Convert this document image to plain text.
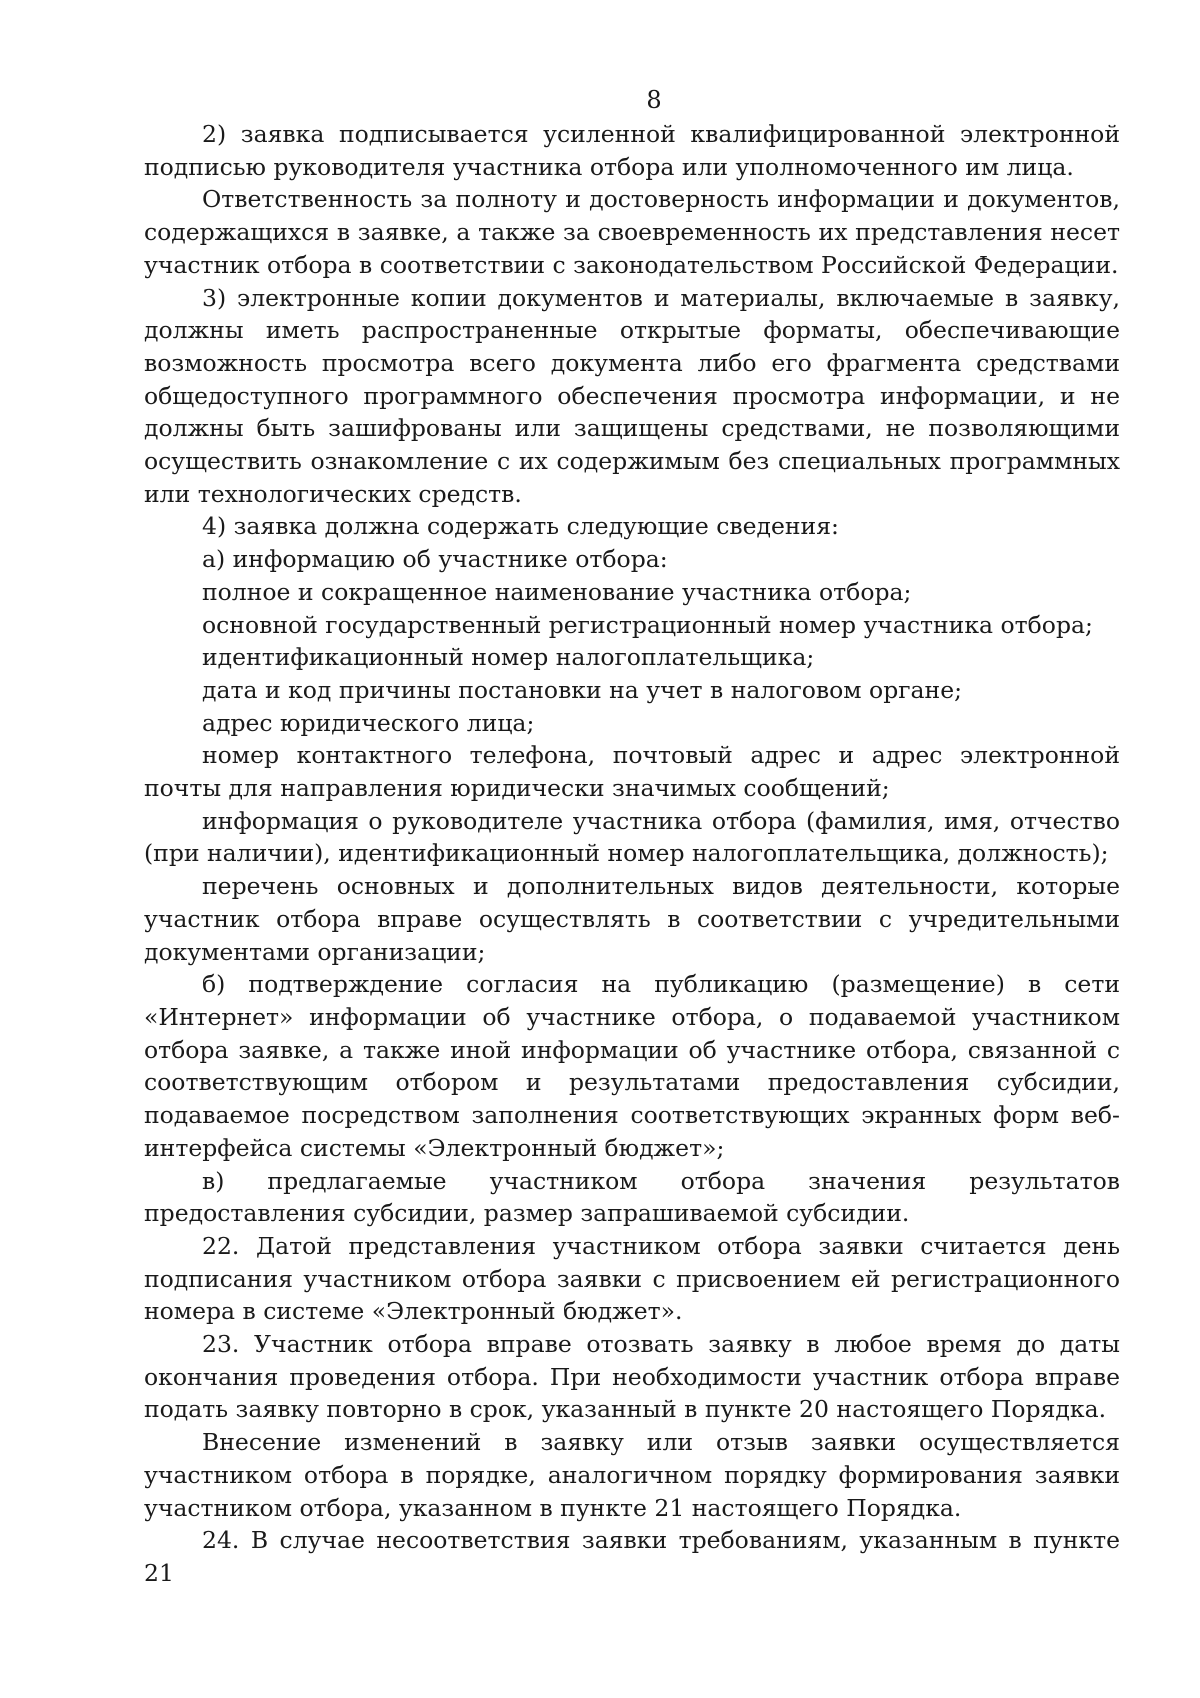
8

2) заявка подписывается усиленной квалифицированной электронной подписью руководителя участника отбора или уполномоченного им лица.

Ответственность за полноту и достоверность информации и документов, содержащихся в заявке, а также за своевременность их представления несет участник отбора в соответствии с законодательством Российской Федерации.

3) электронные копии документов и материалы, включаемые в заявку, должны иметь распространенные открытые форматы, обеспечивающие возможность просмотра всего документа либо его фрагмента средствами общедоступного программного обеспечения просмотра информации, и не должны быть зашифрованы или защищены средствами, не позволяющими осуществить ознакомление с их содержимым без специальных программных или технологических средств.

4) заявка должна содержать следующие сведения:

а) информацию об участнике отбора:

полное и сокращенное наименование участника отбора;

основной государственный регистрационный номер участника отбора;

идентификационный номер налогоплательщика;

дата и код причины постановки на учет в налоговом органе;

адрес юридического лица;

номер контактного телефона, почтовый адрес и адрес электронной почты для направления юридически значимых сообщений;

информация о руководителе участника отбора (фамилия, имя, отчество (при наличии), идентификационный номер налогоплательщика, должность);

перечень основных и дополнительных видов деятельности, которые участник отбора вправе осуществлять в соответствии с учредительными документами организации;

б) подтверждение согласия на публикацию (размещение) в сети «Интернет» информации об участнике отбора, о подаваемой участником отбора заявке, а также иной информации об участнике отбора, связанной с соответствующим отбором и результатами предоставления субсидии, подаваемое посредством заполнения соответствующих экранных форм веб-интерфейса системы «Электронный бюджет»;

в) предлагаемые участником отбора значения результатов предоставления субсидии, размер запрашиваемой субсидии.

22. Датой представления участником отбора заявки считается день подписания участником отбора заявки с присвоением ей регистрационного номера в системе «Электронный бюджет».

23. Участник отбора вправе отозвать заявку в любое время до даты окончания проведения отбора. При необходимости участник отбора вправе подать заявку повторно в срок, указанный в пункте 20 настоящего Порядка.

Внесение изменений в заявку или отзыв заявки осуществляется участником отбора в порядке, аналогичном порядку формирования заявки участником отбора, указанном в пункте 21 настоящего Порядка.

24. В случае несоответствия заявки требованиям, указанным в пункте 21
